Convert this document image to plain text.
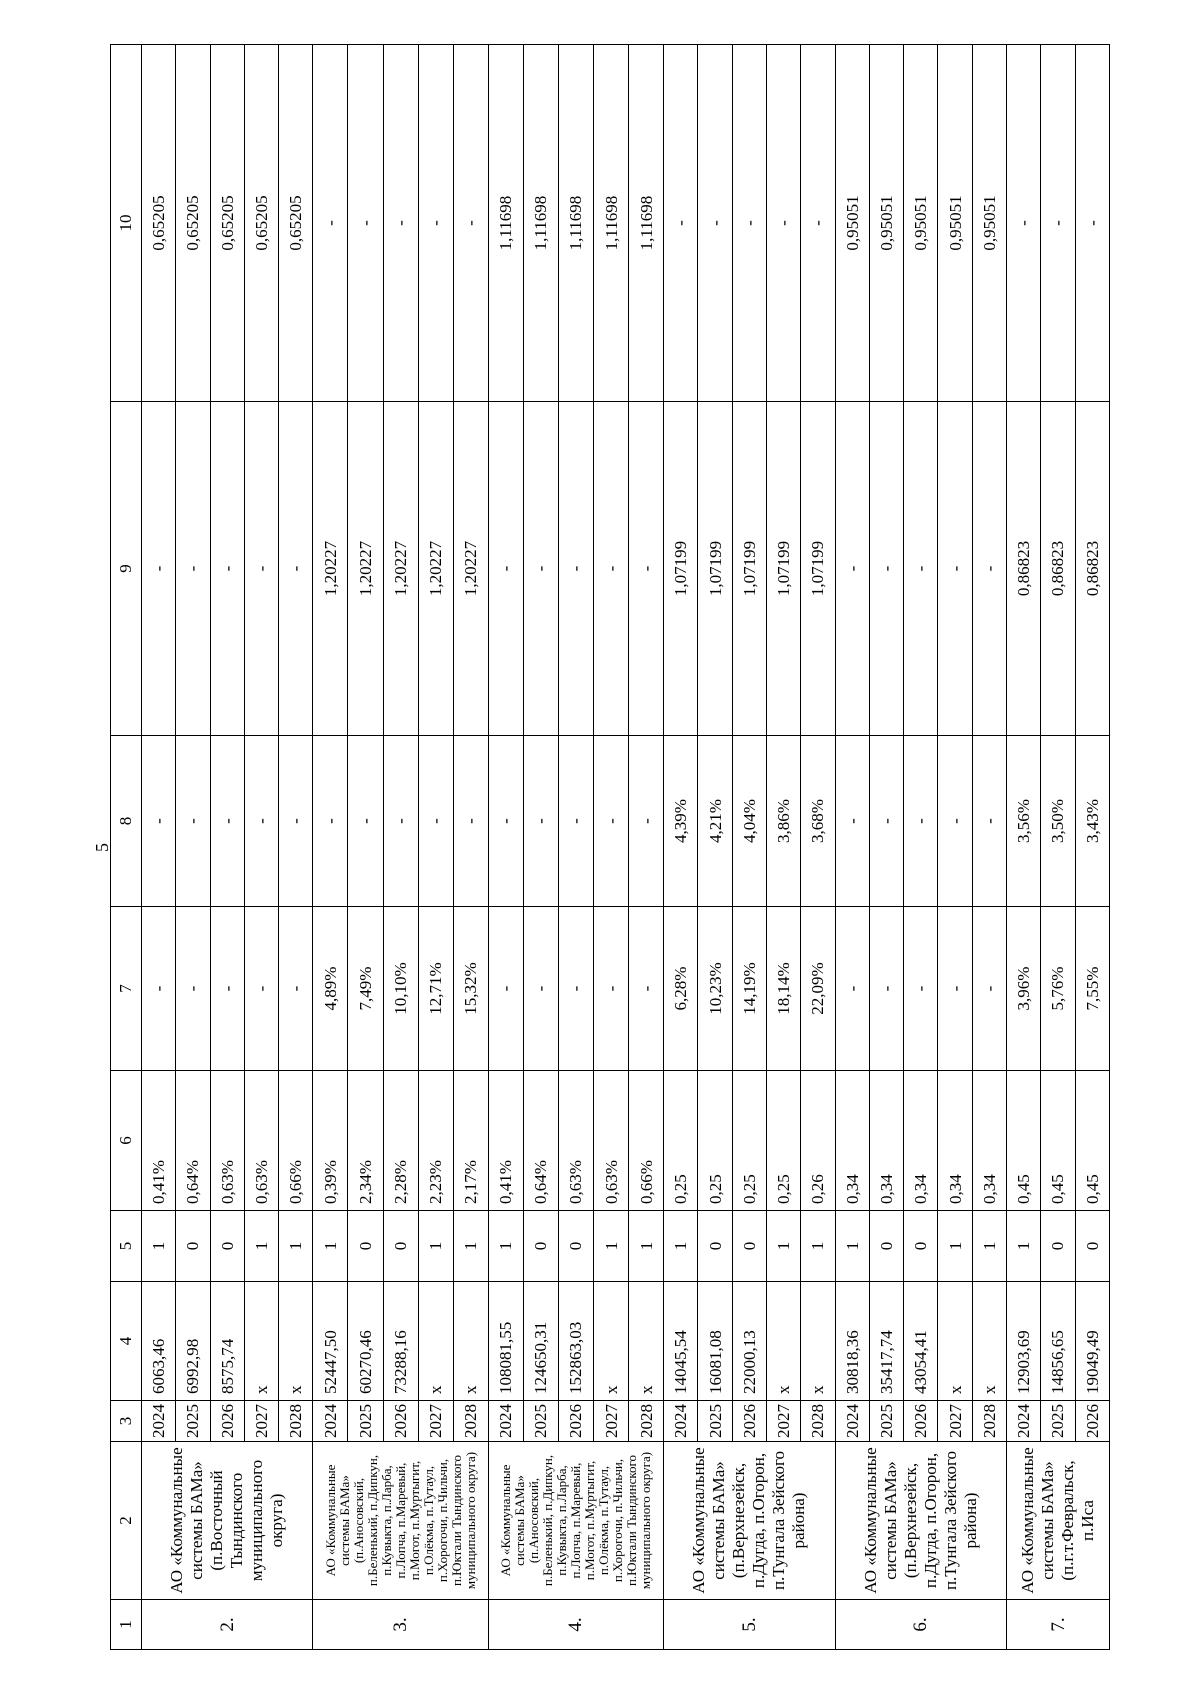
5
1	2	3	4	5	6	7	8	9	10
2.	АО «Коммунальные системы БАМа» (п.Восточный Тындинского муниципального округа)	2024	6063,46	1	0,41%	-	-	-	0,65205
		2025	6992,98	0	0,64%	-	-	-	0,65205
		2026	8575,74	0	0,63%	-	-	-	0,65205
		2027	x	1	0,63%	-	-	-	0,65205
		2028	x	1	0,66%	-	-	-	0,65205
3.	АО «Коммунальные системы БАМа» (п.Аносовский, п.Беленький, п.Дипкун, п.Кувыкта, п.Ларба, п.Лопча, п.Маревый, п.Могот, п.Муртыгит, п.Олёкма, п.Тутаул, п.Хорогочи, п.Чильчи, п.Юктали Тындинского муниципального округа)	2024	52447,50	1	0,39%	4,89%	-	1,20227	-
		2025	60270,46	0	2,34%	7,49%	-	1,20227	-
		2026	73288,16	0	2,28%	10,10%	-	1,20227	-
		2027	x	1	2,23%	12,71%	-	1,20227	-
		2028	x	1	2,17%	15,32%	-	1,20227	-
4.	АО «Коммунальные системы БАМа» (п.Аносовский, п.Беленький, п.Дипкун, п.Кувыкта, п.Ларба, п.Лопча, п.Маревый, п.Могот, п.Муртыгит, п.Олёкма, п.Тутаул, п.Хорогочи, п.Чильчи, п.Юктали Тындинского муниципального округа)	2024	108081,55	1	0,41%	-	-	-	1,11698
		2025	124650,31	0	0,64%	-	-	-	1,11698
		2026	152863,03	0	0,63%	-	-	-	1,11698
		2027	x	1	0,63%	-	-	-	1,11698
		2028	x	1	0,66%	-	-	-	1,11698
5.	АО «Коммунальные системы БАМа» (п.Верхнезейск, п.Дугда, п.Огорон, п.Тунгала Зейского района)	2024	14045,54	1	0,25	6,28%	4,39%	1,07199	-
		2025	16081,08	0	0,25	10,23%	4,21%	1,07199	-
		2026	22000,13	0	0,25	14,19%	4,04%	1,07199	-
		2027	x	1	0,25	18,14%	3,86%	1,07199	-
		2028	x	1	0,26	22,09%	3,68%	1,07199	-
6.	АО «Коммунальные системы БАМа» (п.Верхнезейск, п.Дугда, п.Огорон, п.Тунгала Зейского района)	2024	30818,36	1	0,34	-	-	-	0,95051
		2025	35417,74	0	0,34	-	-	-	0,95051
		2026	43054,41	0	0,34	-	-	-	0,95051
		2027	x	1	0,34	-	-	-	0,95051
		2028	x	1	0,34	-	-	-	0,95051
7.	АО «Коммунальные системы БАМа» (п.г.т.Февральск, п.Иса	2024	12903,69	1	0,45	3,96%	3,56%	0,86823	-
		2025	14856,65	0	0,45	5,76%	3,50%	0,86823	-
		2026	19049,49	0	0,45	7,55%	3,43%	0,86823	-
